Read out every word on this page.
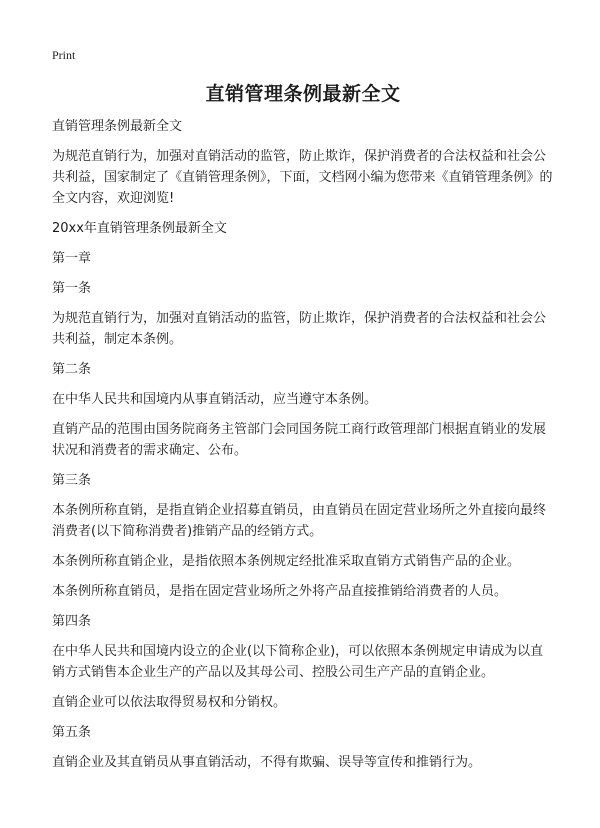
Print

直销管理条例最新全文

直销管理条例最新全文

为规范直销行为，加强对直销活动的监管，防止欺诈，保护消费者的合法权益和社会公共利益，国家制定了《直销管理条例》，下面，文档网小编为您带来《直销管理条例》的全文内容，欢迎浏览!

20xx年直销管理条例最新全文

第一章

第一条

为规范直销行为，加强对直销活动的监管，防止欺诈，保护消费者的合法权益和社会公共利益，制定本条例。

第二条

在中华人民共和国境内从事直销活动，应当遵守本条例。

直销产品的范围由国务院商务主管部门会同国务院工商行政管理部门根据直销业的发展状况和消费者的需求确定、公布。

第三条

本条例所称直销，是指直销企业招募直销员，由直销员在固定营业场所之外直接向最终消费者(以下简称消费者)推销产品的经销方式。

本条例所称直销企业，是指依照本条例规定经批准采取直销方式销售产品的企业。

本条例所称直销员，是指在固定营业场所之外将产品直接推销给消费者的人员。

第四条

在中华人民共和国境内设立的企业(以下简称企业)，可以依照本条例规定申请成为以直销方式销售本企业生产的产品以及其母公司、控股公司生产产品的直销企业。

直销企业可以依法取得贸易权和分销权。

第五条

直销企业及其直销员从事直销活动，不得有欺骗、误导等宣传和推销行为。
